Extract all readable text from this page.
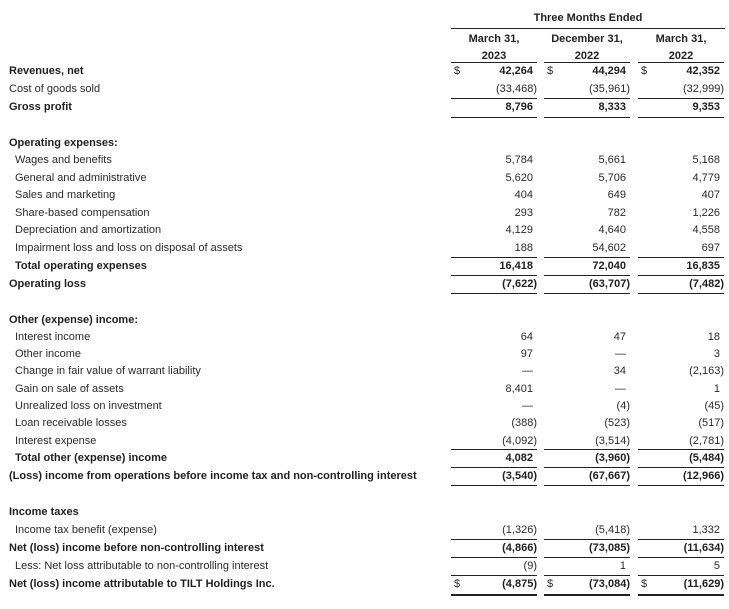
Three Months Ended
March 31,
2023
December 31,
2022
March 31,
2022
Revenues, net	$	42,264 $	44,294 $	42,352
Cost of goods sold	(33,468)	(35,961)	(32,999)
Gross profit	8,796	8,333	9,353
Operating expenses:
Wages and benefits	5,784	5,661	5,168
General and administrative	5,620	5,706	4,779
Sales and marketing	404	649	407
Share-based compensation	293	782	1,226
Depreciation and amortization	4,129	4,640	4,558
Impairment loss and loss on disposal of assets	188	54,602	697
Total operating expenses	16,418	72,040	16,835
Operating loss	(7,622)	(63,707)	(7,482)
Other (expense) income:
Interest income	64	47	18
Other income	97	—	3
Change in fair value of warrant liability	—	34	(2,163)
Gain on sale of assets	8,401	—	1
Unrealized loss on investment	—	(4)	(45)
Loan receivable losses	(388)	(523)	(517)
Interest expense	(4,092)	(3,514)	(2,781)
Total other (expense) income	4,082	(3,960)	(5,484)
(Loss) income from operations before income tax and non-controlling interest	(3,540)	(67,667)	(12,966)
Income taxes
Income tax benefit (expense)	(1,326)	(5,418)	1,332
Net (loss) income before non-controlling interest	(4,866)	(73,085)	(11,634)
Less: Net loss attributable to non-controlling interest	(9)	1	5
Net (loss) income attributable to TILT Holdings Inc.	$	(4,875) $	(73,084) $	(11,629)
